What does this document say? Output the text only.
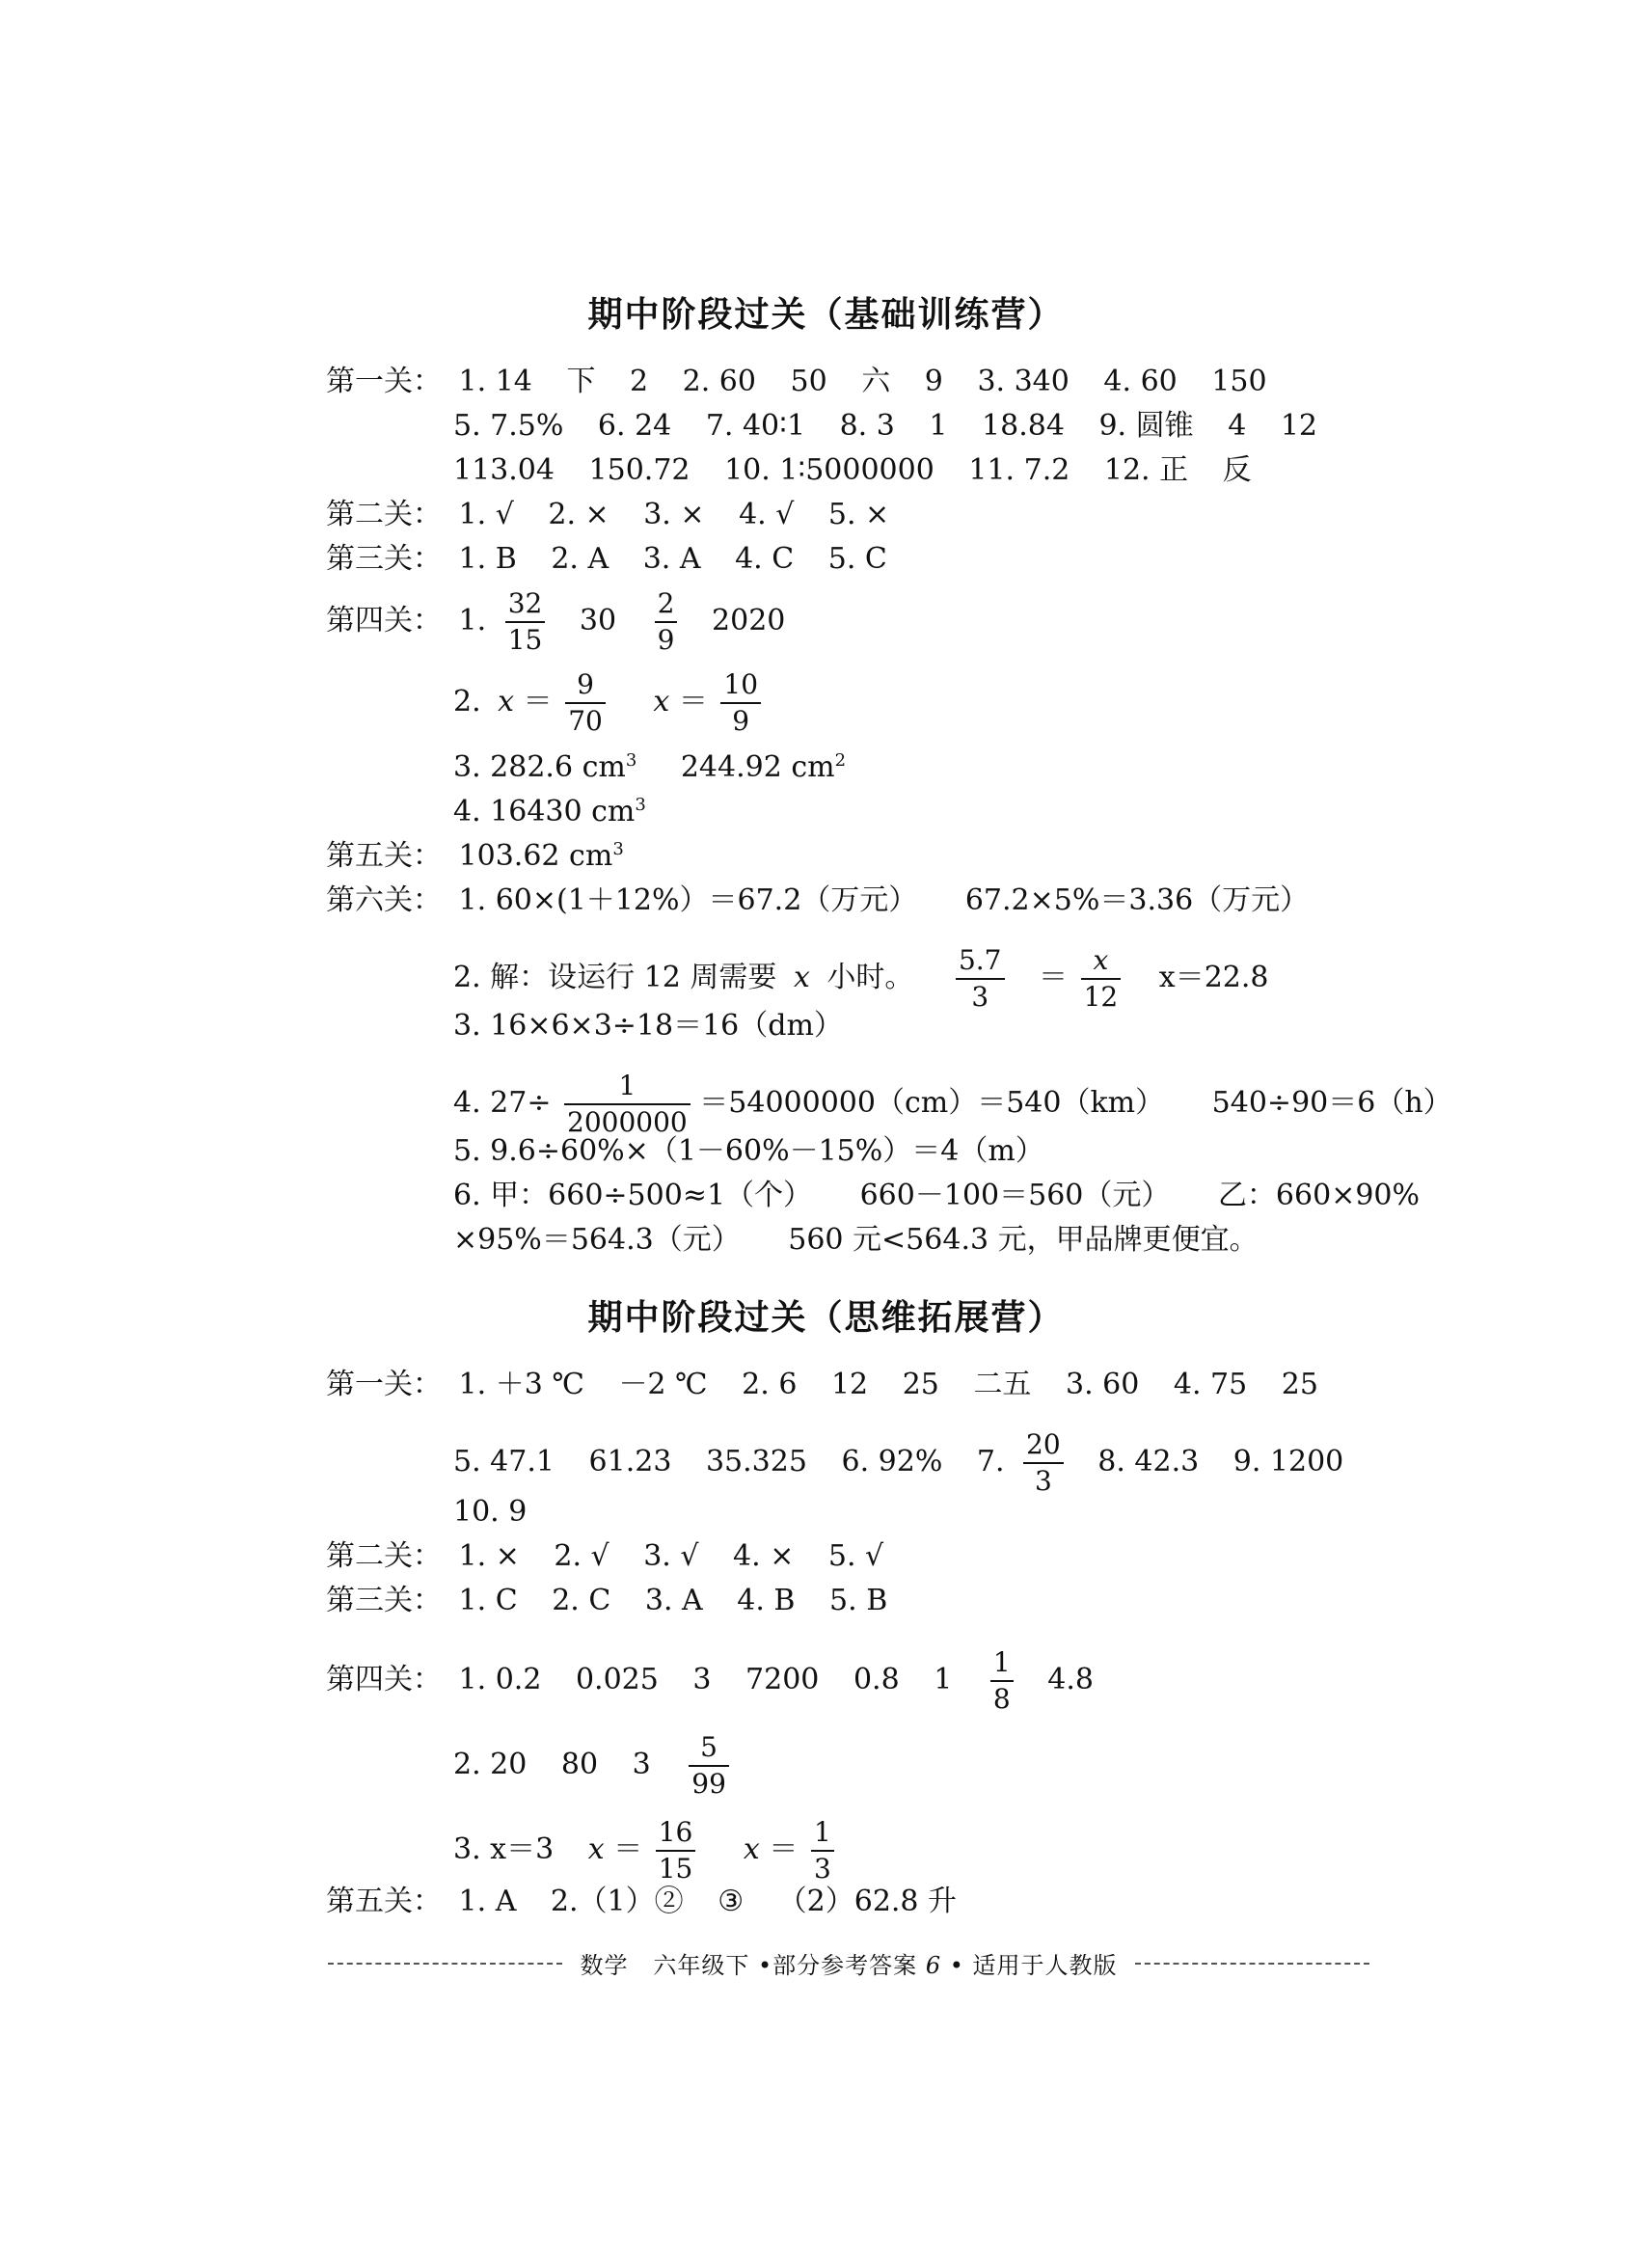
期中阶段过关（基础训练营）
第一关： 1. 14 下 2 2. 60 50 六 9 3. 340 4. 60 150
5. 7.5% 6. 24 7. 40∶1 8. 3 1 18.84 9. 圆锥 4 12
113.04 150.72 10. 1∶5000000 11. 7.2 12. 正 反
第二关： 1. √ 2. × 3. × 4. √ 5. ×
第三关： 1. B 2. A 3. A 4. C 5. C
第四关： 1. $\frac{32}{15} 30 \frac{2}{9} 2020$
2. $x = \frac{9}{70}$ $x = \frac{10}{9}$
3. 282.6 $cm^3$ 244.92 $cm^2$
4. 16430 $cm^3$
第五关： 103.62 $cm^3$
第六关： 1. 60×(1＋12%）＝67.2（万元） 67.2×5%＝3.36（万元）
2. 解：设运行 12 周需要 x 小时。 $\frac{5.7}{3} = \frac{x}{12} x=22.8$
3. 16×6×3÷18＝16（dm）
4. $27\div \frac{1}{2000000} =54000000(cm)=540(km)$ 540÷90＝6（h）
5. 9.6÷60%×（1－60%－15%）＝4（m）
6. 甲：660÷500≈1（个） 660－100＝560（元） 乙：660×90%
×95%＝564.3（元） 560 元<564.3 元，甲品牌更便宜。
期中阶段过关（思维拓展营）
第一关： 1. ＋3 ℃ －2 ℃ 2. 6 12 25 二五 3. 60 4. 75 25
5. 47.1 61.23 35.325 6. 92% 7. $\frac{20}{3} 8$. 42.3 9. 1200
10. 9
第二关： 1. × 2. √ 3. √ 4. × 5. √
第三关： 1. C 2. C 3. A 4. B 5. B
第四关： 1. 0.2 0.025 3 7200 0.8 $1 \frac{1}{8} 4.8$
2. 20 80 $3 \frac{5}{99}$
3. x＝3 $x = \frac{16}{15}$ $x = \frac{1}{3}$
第五关： 1. A 2.（1）② ③ （2）62.8 升
数学 六年级下 •部分参考答案 6 • 适用于人教版
